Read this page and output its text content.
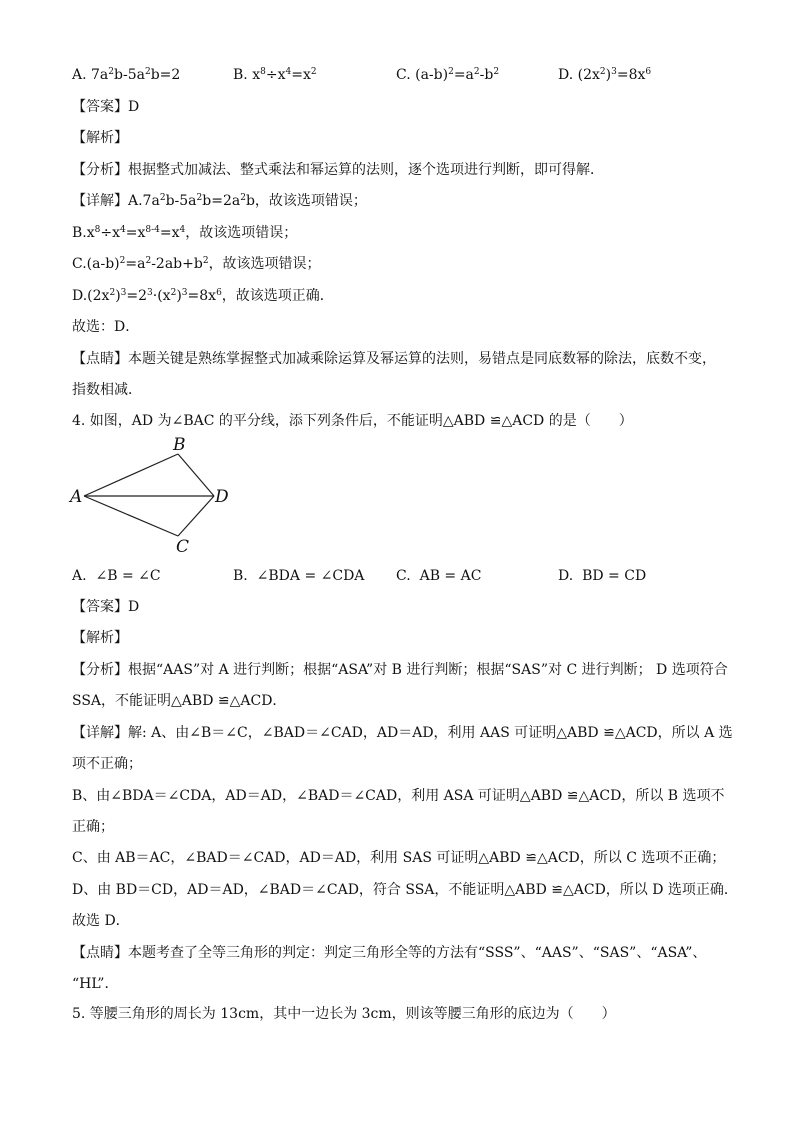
A. $7a^2b-5a^2b=2$	B. $x^8\div x^4=x^2$	C. $(a-b)^2=a^2-b^2$	D. $(2x^2)^3=8x^6$
【答案】D
【解析】
【分析】根据整式加减法、整式乘法和幂运算的法则，逐个选项进行判断，即可得解．
【详解】$A.7a^2b-5a^2b=2a^2b$，故该选项错误；
$B.x^8\div x^4=x^{8-4}=x^4$，故该选项错误；
$C.(a-b)^2=a^2-2ab+b^2$，故该选项错误；
$D.(2x^2)^3=2^3\cdot(x^2)^3=8x^6$，故该选项正确．
故选：D．
【点睛】本题关键是熟练掌握整式加减乘除运算及幂运算的法则，易错点是同底数幂的除法，底数不变，
指数相减．
4. 如图，AD 为∠BAC 的平分线，添下列条件后，不能证明△ABD ≌△ACD 的是（　　）
A
B
D
C
A. ∠B = ∠C	B. ∠BDA = ∠CDA C. AB = AC	D. BD = CD
【答案】D
【解析】
【分析】根据“AAS”对 A 进行判断；根据“ASA”对 B 进行判断；根据“SAS”对 C 进行判断； D 选项符合
SSA，不能证明△ABD ≌△ACD．
【详解】解: A、由∠B＝∠C，∠BAD＝∠CAD，AD＝AD，利用 AAS 可证明△ABD ≌△ACD，所以 A 选
项不正确；
B、由∠BDA＝∠CDA，AD＝AD，∠BAD＝∠CAD，利用 ASA 可证明△ABD ≌△ACD，所以 B 选项不
正确；
C、由 AB＝AC，∠BAD＝∠CAD，AD＝AD，利用 SAS 可证明△ABD ≌△ACD，所以 C 选项不正确；
D、由 BD＝CD，AD＝AD，∠BAD＝∠CAD，符合 SSA，不能证明△ABD ≌△ACD，所以 D 选项正确．
故选 D．
【点睛】本题考查了全等三角形的判定：判定三角形全等的方法有“SSS”、“AAS”、“SAS”、“ASA”、
“HL”．
5. 等腰三角形的周长为 13cm，其中一边长为 3cm，则该等腰三角形的底边为（　　）
